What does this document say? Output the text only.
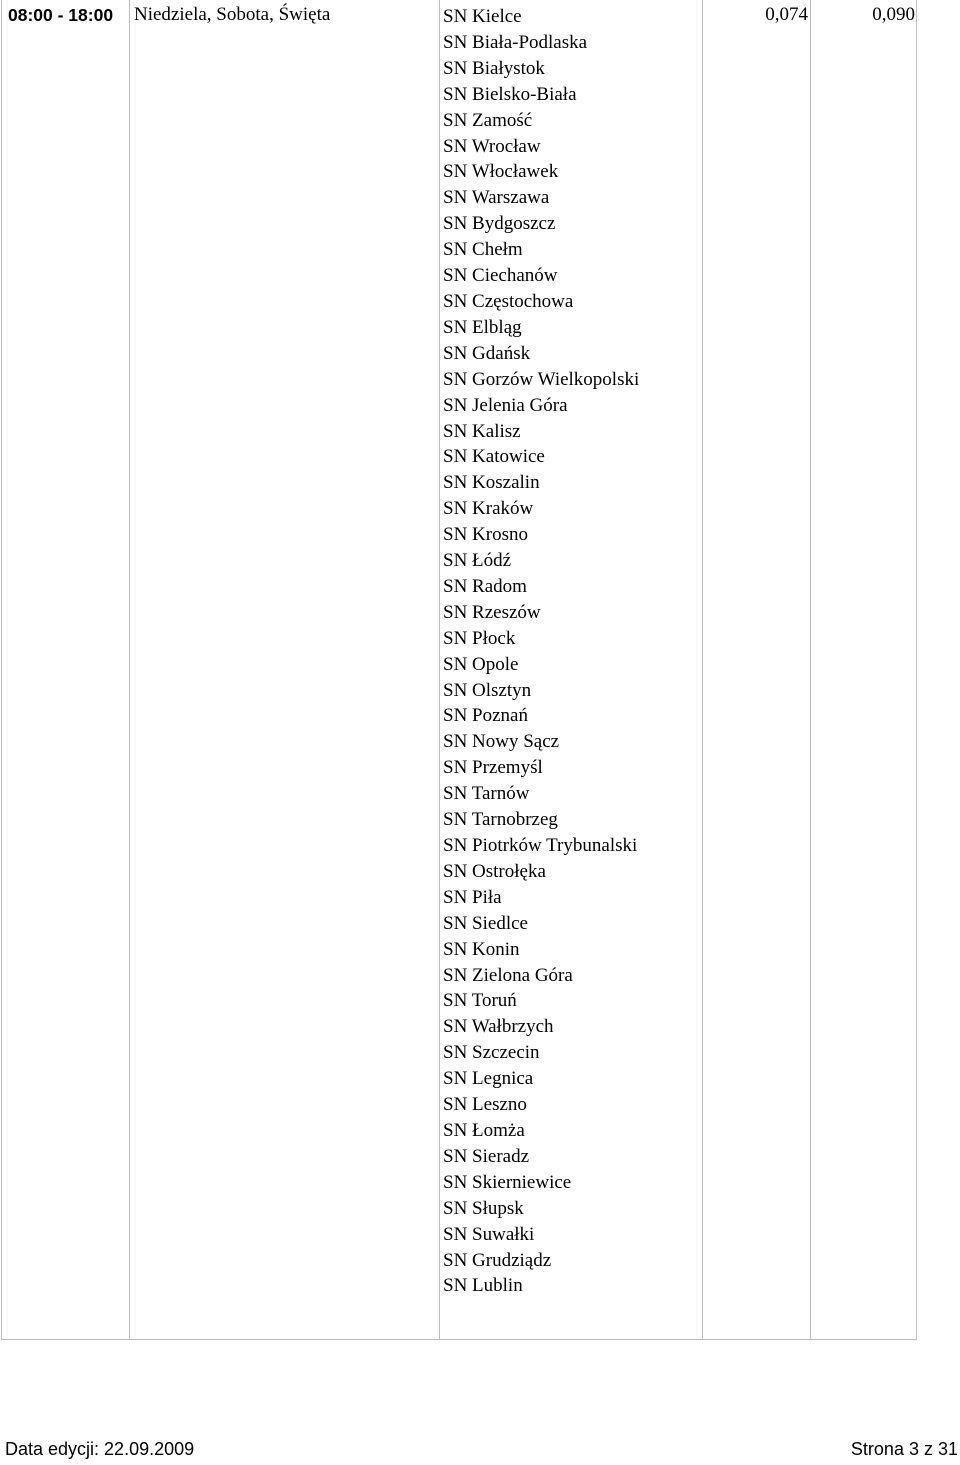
08:00 - 18:00 Niedziela, Sobota, Święta	SN Kielce
SN Biała-Podlaska
SN Białystok
SN Bielsko-Biała
SN Zamość
SN Wrocław
SN Włocławek
SN Warszawa
SN Bydgoszcz
SN Chełm
SN Ciechanów
SN Częstochowa
SN Elbląg
SN Gdańsk
SN Gorzów Wielkopolski
SN Jelenia Góra
SN Kalisz
SN Katowice
SN Koszalin
SN Kraków
SN Krosno
SN Łódź
SN Radom
SN Rzeszów
SN Płock
SN Opole
SN Olsztyn
SN Poznań
SN Nowy Sącz
SN Przemyśl
SN Tarnów
SN Tarnobrzeg
SN Piotrków Trybunalski
SN Ostrołęka
SN Piła
SN Siedlce
SN Konin
SN Zielona Góra
SN Toruń
SN Wałbrzych
SN Szczecin
SN Legnica
SN Leszno
SN Łomża
SN Sieradz
SN Skierniewice
SN Słupsk
SN Suwałki
SN Grudziądz
SN Lublin
0,074	0,090
Data edycji: 22.09.2009	Strona 3 z 31
